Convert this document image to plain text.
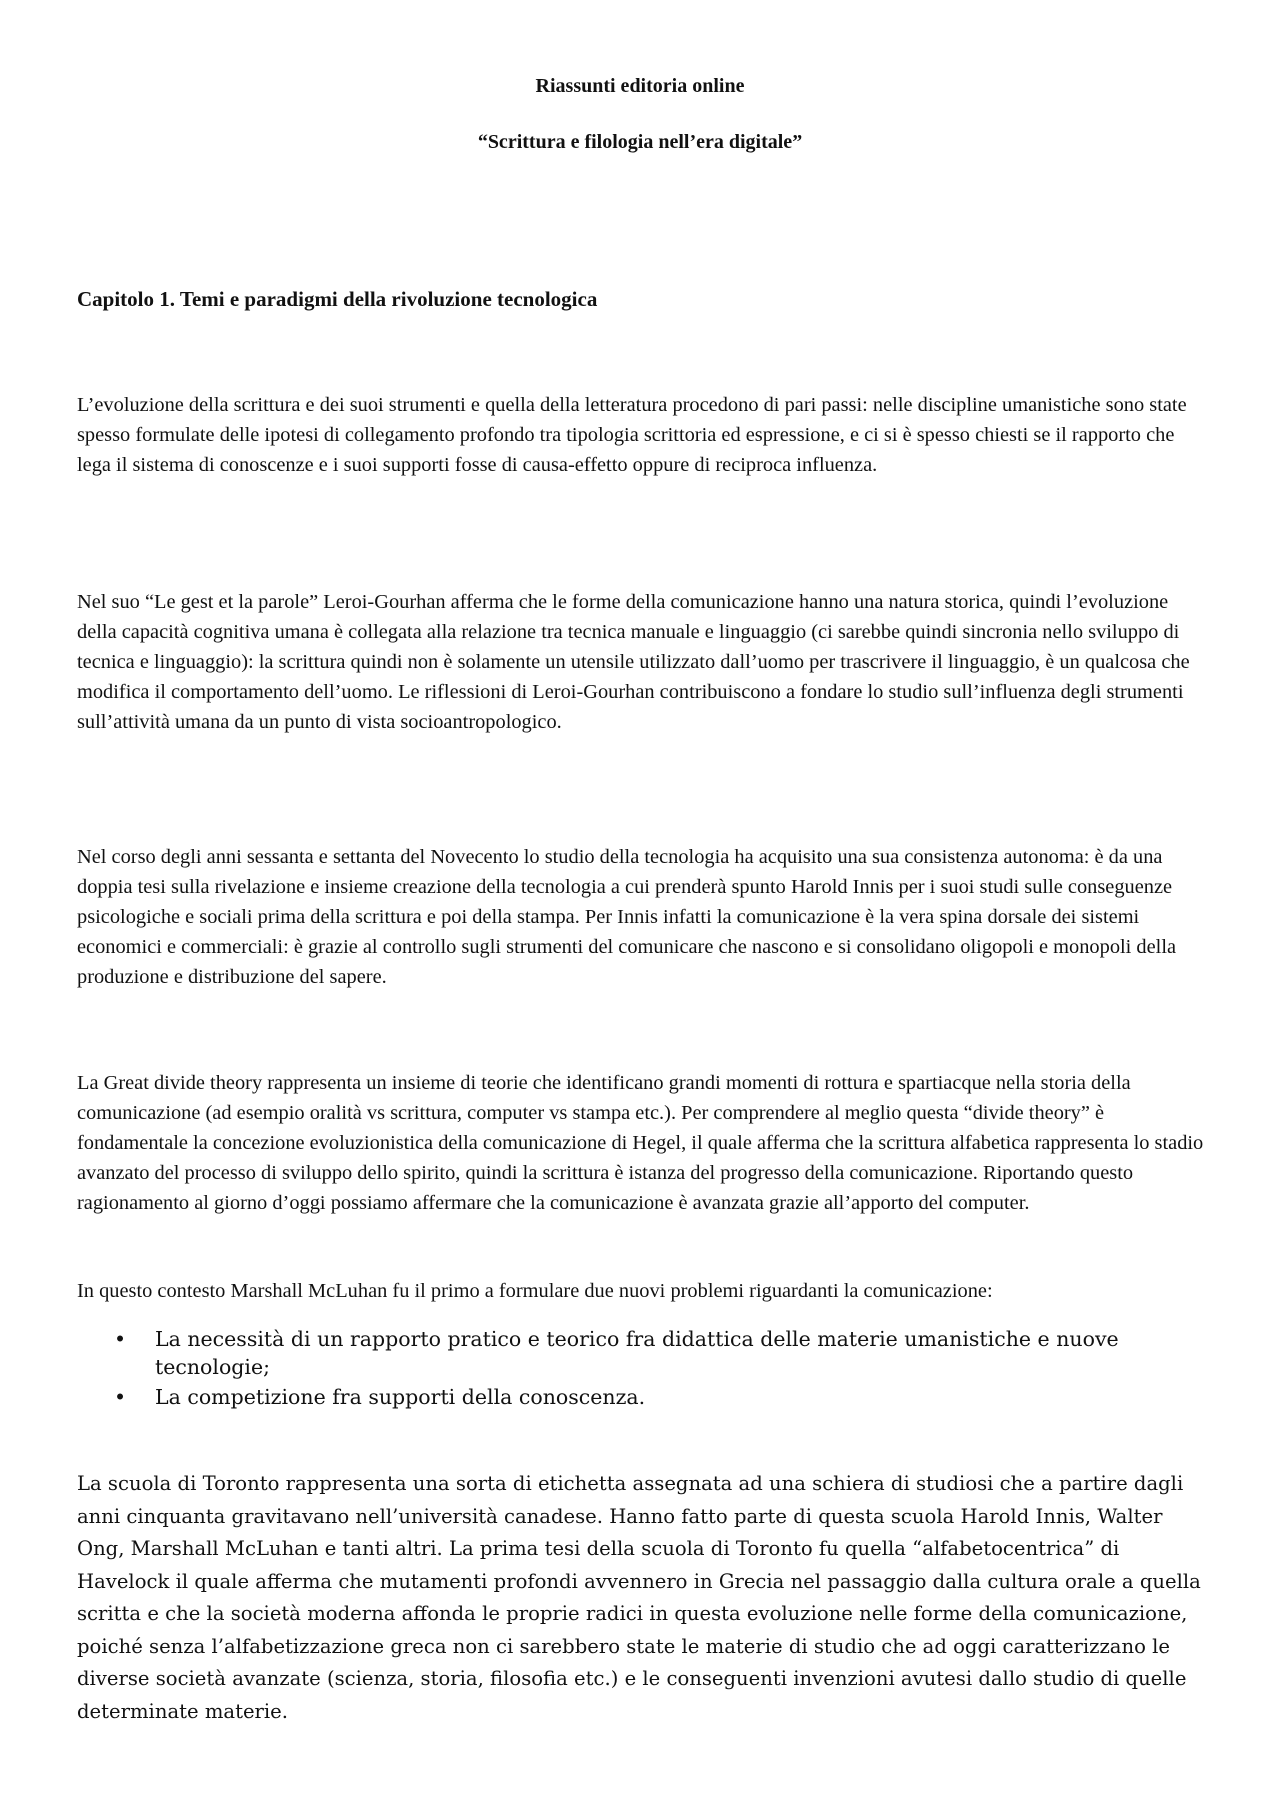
Riassunti editoria online

“Scrittura e filologia nell’era digitale”

Capitolo 1. Temi e paradigmi della rivoluzione tecnologica

L’evoluzione della scrittura e dei suoi strumenti e quella della letteratura procedono di pari passi: nelle discipline umanistiche sono state spesso formulate delle ipotesi di collegamento profondo tra tipologia scrittoria ed espressione, e ci si è spesso chiesti se il rapporto che lega il sistema di conoscenze e i suoi supporti fosse di causa-effetto oppure di reciproca influenza.

Nel suo “Le gest et la parole” Leroi-Gourhan afferma che le forme della comunicazione hanno una natura storica, quindi l’evoluzione della capacità cognitiva umana è collegata alla relazione tra tecnica manuale e linguaggio (ci sarebbe quindi sincronia nello sviluppo di tecnica e linguaggio): la scrittura quindi non è solamente un utensile utilizzato dall’uomo per trascrivere il linguaggio, è un qualcosa che modifica il comportamento dell’uomo. Le riflessioni di Leroi-Gourhan contribuiscono a fondare lo studio sull’influenza degli strumenti sull’attività umana da un punto di vista socioantropologico.

Nel corso degli anni sessanta e settanta del Novecento lo studio della tecnologia ha acquisito una sua consistenza autonoma: è da una doppia tesi sulla rivelazione e insieme creazione della tecnologia a cui prenderà spunto Harold Innis per i suoi studi sulle conseguenze psicologiche e sociali prima della scrittura e poi della stampa. Per Innis infatti la comunicazione è la vera spina dorsale dei sistemi economici e commerciali: è grazie al controllo sugli strumenti del comunicare che nascono e si consolidano oligopoli e monopoli della produzione e distribuzione del sapere.

La Great divide theory rappresenta un insieme di teorie che identificano grandi momenti di rottura e spartiacque nella storia della comunicazione (ad esempio oralità vs scrittura, computer vs stampa etc.). Per comprendere al meglio questa “divide theory” è fondamentale la concezione evoluzionistica della comunicazione di Hegel, il quale afferma che la scrittura alfabetica rappresenta lo stadio avanzato del processo di sviluppo dello spirito, quindi la scrittura è istanza del progresso della comunicazione. Riportando questo ragionamento al giorno d’oggi possiamo affermare che la comunicazione è avanzata grazie all’apporto del computer.

In questo contesto Marshall McLuhan fu il primo a formulare due nuovi problemi riguardanti la comunicazione:

• La necessità di un rapporto pratico e teorico fra didattica delle materie umanistiche e nuove tecnologie;
• La competizione fra supporti della conoscenza.

La scuola di Toronto rappresenta una sorta di etichetta assegnata ad una schiera di studiosi che a partire dagli anni cinquanta gravitavano nell’università canadese. Hanno fatto parte di questa scuola Harold Innis, Walter Ong, Marshall McLuhan e tanti altri. La prima tesi della scuola di Toronto fu quella “alfabetocentrica” di Havelock il quale afferma che mutamenti profondi avvennero in Grecia nel passaggio dalla cultura orale a quella scritta e che la società moderna affonda le proprie radici in questa evoluzione nelle forme della comunicazione, poiché senza l’alfabetizzazione greca non ci sarebbero state le materie di studio che ad oggi caratterizzano le diverse società avanzate (scienza, storia, filosofia etc.) e le conseguenti invenzioni avutesi dallo studio di quelle determinate materie.
